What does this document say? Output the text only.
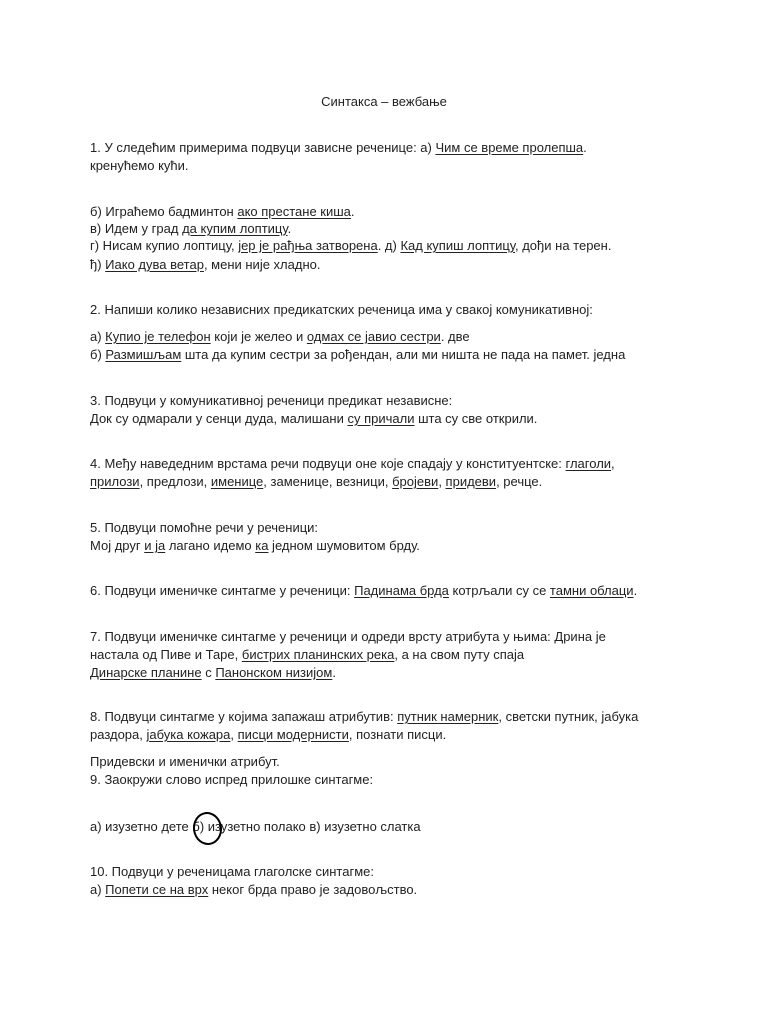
Синтакса – вежбање
1. У следећим примерима подвуци зависне реченице: а) Чим се време пролепша.
кренућемо кући.
б) Играћемо бадминтон ако престане киша.
в) Идем у град да купим лоптицу.
г) Нисам купио лоптицу, јер је рађња затворена. д) Кад купиш лоптицу, дођи на терен.
ђ) Иако дува ветар, мени није хладно.
2. Напиши колико независних предикатских реченица има у свакој комуникативној:
а) Купио је телефон који је желео и одмах се јавио сестри. две
б) Размишљам шта да купим сестри за рођендан, али ми ништа не пада на памет. једна
3. Подвуци у комуникативној реченици предикат независне:
Док су одмарали у сенци дуда, малишани су причали шта су све открили.
4. Међу наведедним врстама речи подвуци оне које спадају у конституентске: глаголи,
прилози, предлози, именице, заменице, везници, бројеви, придеви, речце.
5. Подвуци помоћне речи у реченици:
Мој друг и ја лагано идемо ка једном шумовитом брду.
6. Подвуци именичке синтагме у реченици: Падинама брда котрљали су се тамни облаци.
7. Подвуци именичке синтагме у реченици и одреди врсту атрибута у њима: Дрина је
настала од Пиве и Таре, бистрих планинских река, а на свом путу спаја
Динарске планине с Панонском низијом.
8. Подвуци синтагме у којима запажаш атрибутив: путник намерник, светски путник, јабука
раздора, јабука кожара, писци модернисти, познати писци.
Придевски и именички атрибут.
9. Заокружи слово испред прилошке синтагме:
а) изузетно дете б) изузетно полако в) изузетно слатка
10. Подвуци у реченицама глаголске синтагме:
а) Попети се на врх неког брда право је задовољство.
